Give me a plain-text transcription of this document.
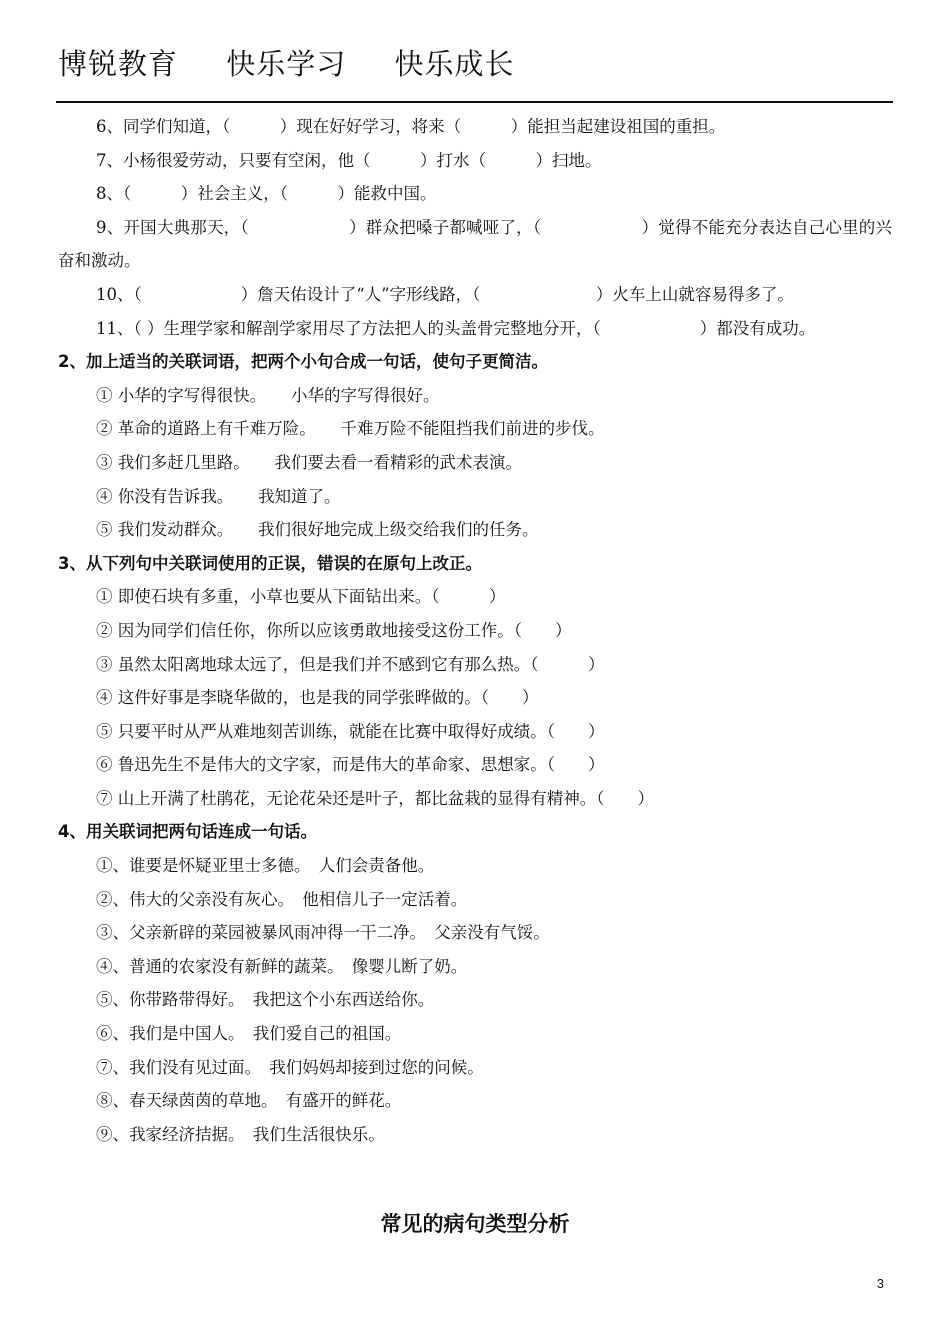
博锐教育 快乐学习 快乐成长
6、同学们知道，（　　　）现在好好学习，将来（　　　）能担当起建设祖国的重担。
7、小杨很爱劳动，只要有空闲，他（　　　）打水（　　　）扫地。
8、（　　　）社会主义，（　　　）能救中国。
9、开国大典那天，（　　　　　　）群众把嗓子都喊哑了，（　　　　　　）觉得不能充分表达自己心里的兴奋和激动。
10、（　　　　　　）詹天佑设计了“人”字形线路，（　　　　　　　）火车上山就容易得多了。
11、（ ）生理学家和解剖学家用尽了方法把人的头盖骨完整地分开，（　　　　　　）都没有成功。
2、加上适当的关联词语，把两个小句合成一句话，使句子更简洁。
① 小华的字写得很快。　　小华的字写得很好。
② 革命的道路上有千难万险。　　千难万险不能阻挡我们前进的步伐。
③ 我们多赶几里路。　　我们要去看一看精彩的武术表演。
④ 你没有告诉我。　　我知道了。
⑤ 我们发动群众。　　我们很好地完成上级交给我们的任务。
3、从下列句中关联词使用的正误，错误的在原句上改正。
① 即使石块有多重，小草也要从下面钻出来。（　　　）
② 因为同学们信任你，你所以应该勇敢地接受这份工作。（　　）
③ 虽然太阳离地球太远了，但是我们并不感到它有那么热。（　　　）
④ 这件好事是李晓华做的，也是我的同学张晔做的。（　　）
⑤ 只要平时从严从难地刻苦训练，就能在比赛中取得好成绩。（　　）
⑥ 鲁迅先生不是伟大的文字家，而是伟大的革命家、思想家。（　　）
⑦ 山上开满了杜鹃花，无论花朵还是叶子，都比盆栽的显得有精神。（　　）
4、用关联词把两句话连成一句话。
①、谁要是怀疑亚里士多德。　人们会责备他。
②、伟大的父亲没有灰心。　他相信儿子一定活着。
③、父亲新辟的菜园被暴风雨冲得一干二净。　父亲没有气馁。
④、普通的农家没有新鲜的蔬菜。　像婴儿断了奶。
⑤、你带路带得好。　我把这个小东西送给你。
⑥、我们是中国人。　我们爱自己的祖国。
⑦、我们没有见过面。　我们妈妈却接到过您的问候。
⑧、春天绿茵茵的草地。　有盛开的鲜花。
⑨、我家经济拮据。　我们生活很快乐。
常见的病句类型分析
3
